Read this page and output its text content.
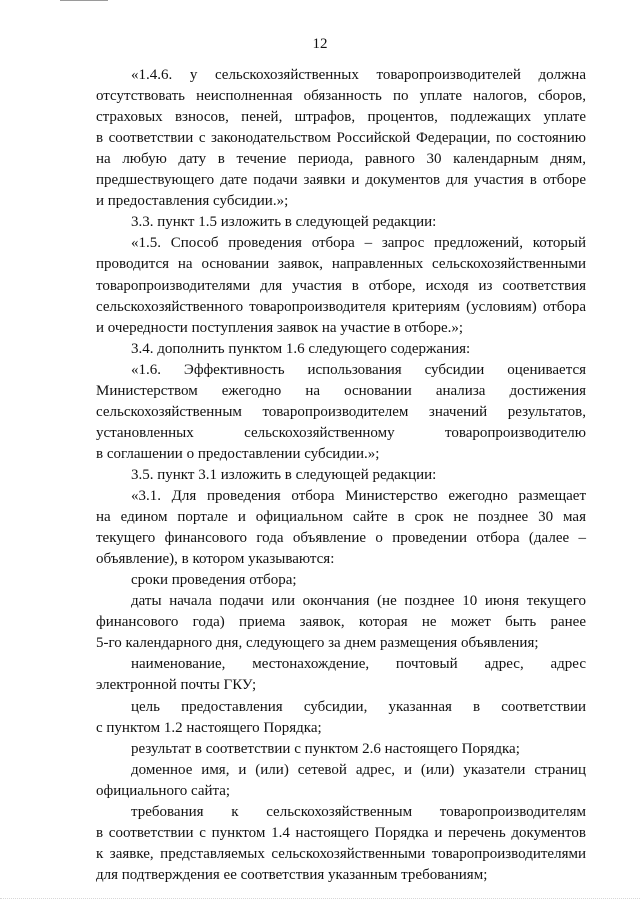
12
«1.4.6. у сельскохозяйственных товаропроизводителей должна
отсутствовать неисполненная обязанность по уплате налогов, сборов,
страховых взносов, пеней, штрафов, процентов, подлежащих уплате
в соответствии с законодательством Российской Федерации, по состоянию
на любую дату в течение периода, равного 30 календарным дням,
предшествующего дате подачи заявки и документов для участия в отборе
и предоставления субсидии.»;
3.3. пункт 1.5 изложить в следующей редакции:
«1.5. Способ проведения отбора – запрос предложений, который
проводится на основании заявок, направленных сельскохозяйственными
товаропроизводителями для участия в отборе, исходя из соответствия
сельскохозяйственного товаропроизводителя критериям (условиям) отбора
и очередности поступления заявок на участие в отборе.»;
3.4. дополнить пунктом 1.6 следующего содержания:
«1.6. Эффективность использования субсидии оценивается
Министерством ежегодно на основании анализа достижения
сельскохозяйственным товаропроизводителем значений результатов,
установленных сельскохозяйственному товаропроизводителю
в соглашении о предоставлении субсидии.»;
3.5. пункт 3.1 изложить в следующей редакции:
«3.1. Для проведения отбора Министерство ежегодно размещает
на едином портале и официальном сайте в срок не позднее 30 мая
текущего финансового года объявление о проведении отбора (далее –
объявление), в котором указываются:
сроки проведения отбора;
даты начала подачи или окончания (не позднее 10 июня текущего
финансового года) приема заявок, которая не может быть ранее
5-го календарного дня, следующего за днем размещения объявления;
наименование, местонахождение, почтовый адрес, адрес
электронной почты ГКУ;
цель предоставления субсидии, указанная в соответствии
с пунктом 1.2 настоящего Порядка;
результат в соответствии с пунктом 2.6 настоящего Порядка;
доменное имя, и (или) сетевой адрес, и (или) указатели страниц
официального сайта;
требования к сельскохозяйственным товаропроизводителям
в соответствии с пунктом 1.4 настоящего Порядка и перечень документов
к заявке, представляемых сельскохозяйственными товаропроизводителями
для подтверждения ее соответствия указанным требованиям;
